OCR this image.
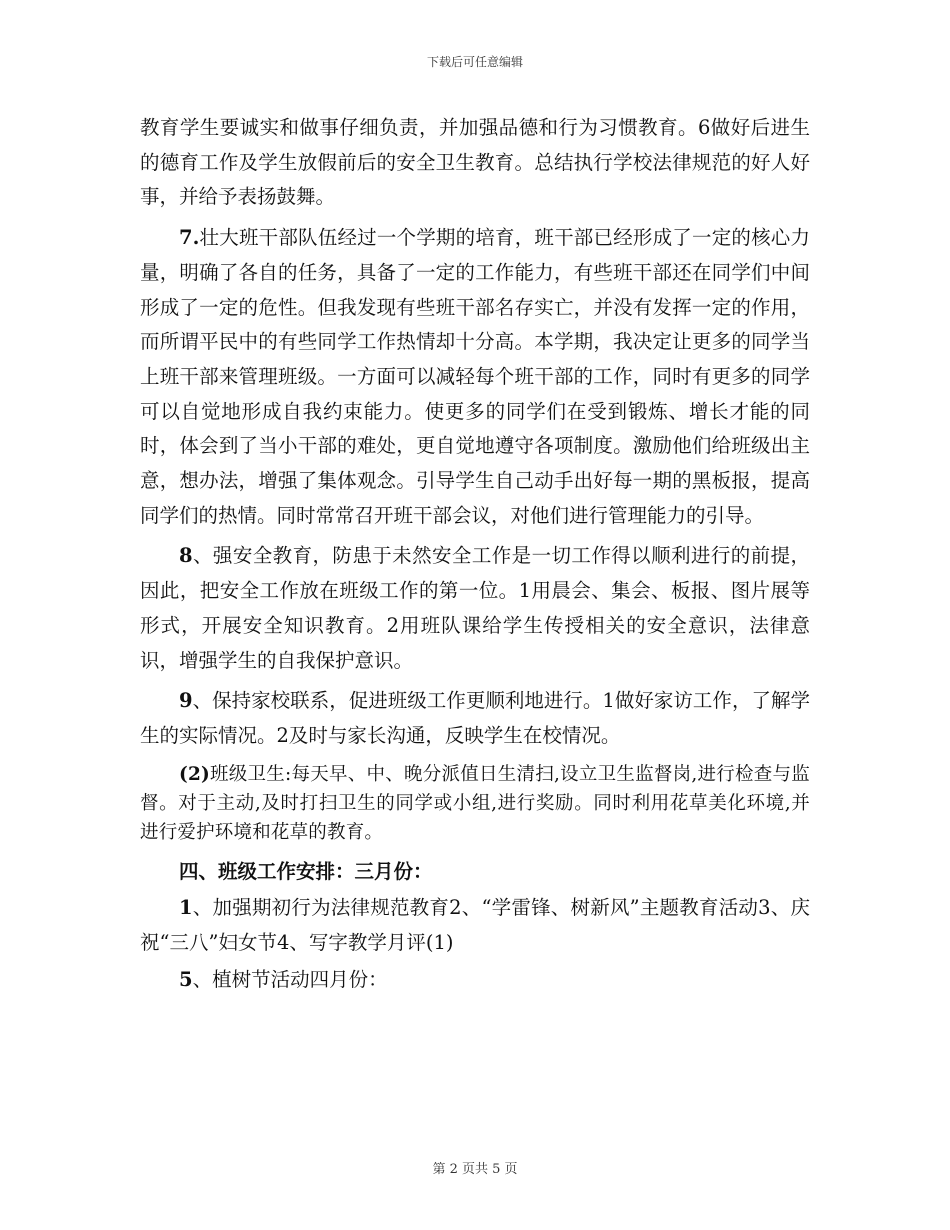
下载后可任意编辑

教育学生要诚实和做事仔细负责，并加强品德和行为习惯教育。6做好后进生的德育工作及学生放假前后的安全卫生教育。总结执行学校法律规范的好人好事，并给予表扬鼓舞。

7.壮大班干部队伍经过一个学期的培育，班干部已经形成了一定的核心力量，明确了各自的任务，具备了一定的工作能力，有些班干部还在同学们中间形成了一定的危性。但我发现有些班干部名存实亡，并没有发挥一定的作用，而所谓平民中的有些同学工作热情却十分高。本学期，我决定让更多的同学当上班干部来管理班级。一方面可以减轻每个班干部的工作，同时有更多的同学可以自觉地形成自我约束能力。使更多的同学们在受到锻炼、增长才能的同时，体会到了当小干部的难处，更自觉地遵守各项制度。激励他们给班级出主意，想办法，增强了集体观念。引导学生自己动手出好每一期的黑板报，提高同学们的热情。同时常常召开班干部会议，对他们进行管理能力的引导。

8、强安全教育，防患于未然安全工作是一切工作得以顺利进行的前提，因此，把安全工作放在班级工作的第一位。1用晨会、集会、板报、图片展等形式，开展安全知识教育。2用班队课给学生传授相关的安全意识，法律意识，增强学生的自我保护意识。

9、保持家校联系，促进班级工作更顺利地进行。1做好家访工作，了解学生的实际情况。2及时与家长沟通，反映学生在校情况。

(2)班级卫生:每天早、中、晚分派值日生清扫,设立卫生监督岗,进行检查与监督。对于主动,及时打扫卫生的同学或小组,进行奖励。同时利用花草美化环境,并进行爱护环境和花草的教育。

四、班级工作安排：三月份：

1、加强期初行为法律规范教育2、“学雷锋、树新风”主题教育活动3、庆祝“三八”妇女节4、写字教学月评(1)

5、植树节活动四月份：

第 2 页共 5 页
